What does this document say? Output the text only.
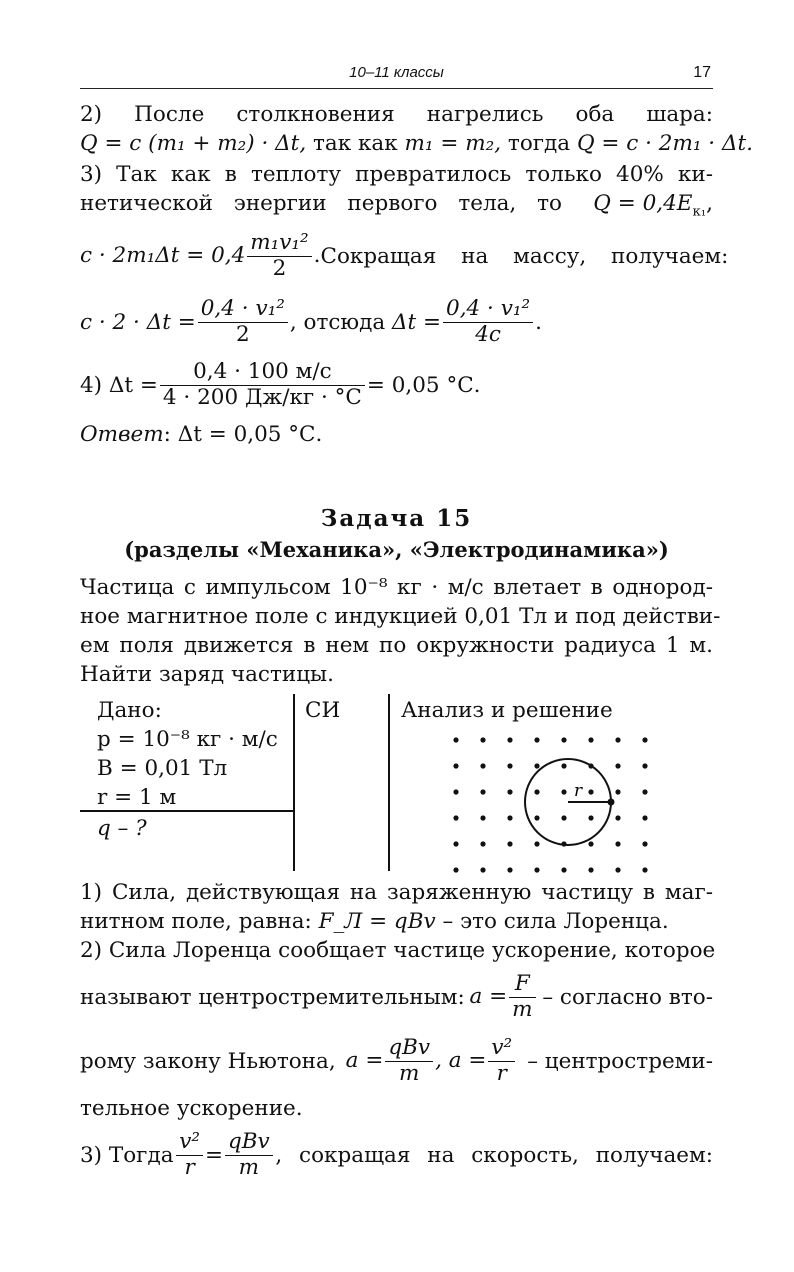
10–11 классы	17
2) После столкновения нагрелись оба шара:
Q = c (m₁ + m₂) · Δt, так как m₁ = m₂, тогда Q = c · 2m₁ · Δt.
3) Так как в теплоту превратилось только 40% ки-
нетической энергии первого тела, то $Q = 0,4E_{к_1}$,
$c \cdot 2m_1\Delta t = 0,4 \frac{\text{m₁v₁²}}{2}$ . Сокращая на массу, получаем:
$c \cdot 2 \cdot \Delta t = \frac{\text{0,4 · v₁²}}{2}$ , отсюда
$\Delta t = \frac{\text{0,4 · v₁²}}{4c}$ .
4) $\Delta t = \frac{0,4 \cdot 100 м/с}{4 \cdot 200 Дж/кг \cdot ^\circ С} = 0,05$ °С.
Ответ: Δt = 0,05 °С.
Задача 15
(разделы «Механика», «Электродинамика»)
Частица с импульсом 10⁻⁸ кг · м/с влетает в однород-
ное магнитное поле с индукцией 0,01 Тл и под действи-
ем поля движется в нем по окружности радиуса 1 м.
Найти заряд частицы.
Дано:	СИ	Анализ и решение
p = 10⁻⁸ кг · м/с
B = 0,01 Тл
r = 1 м
q – ?
r
1) Сила, действующая на заряженную частицу в маг-
нитном поле, равна: F_Л = qBv – это сила Лоренца.
2) Сила Лоренца сообщает частице ускорение, которое
называют центростремительным: $a = \frac{F}{m}$ – согласно вто-
рому закону Ньютона, $a = \frac{\text{qBv}}{m}$ , $a = \frac{\text{v²}}{r}$ – центростреми-
тельное ускорение.
3) Тогда $\frac{\text{v²}}{r} = \frac{\text{qBv}}{m}$ , сокращая на скорость, получаем:
